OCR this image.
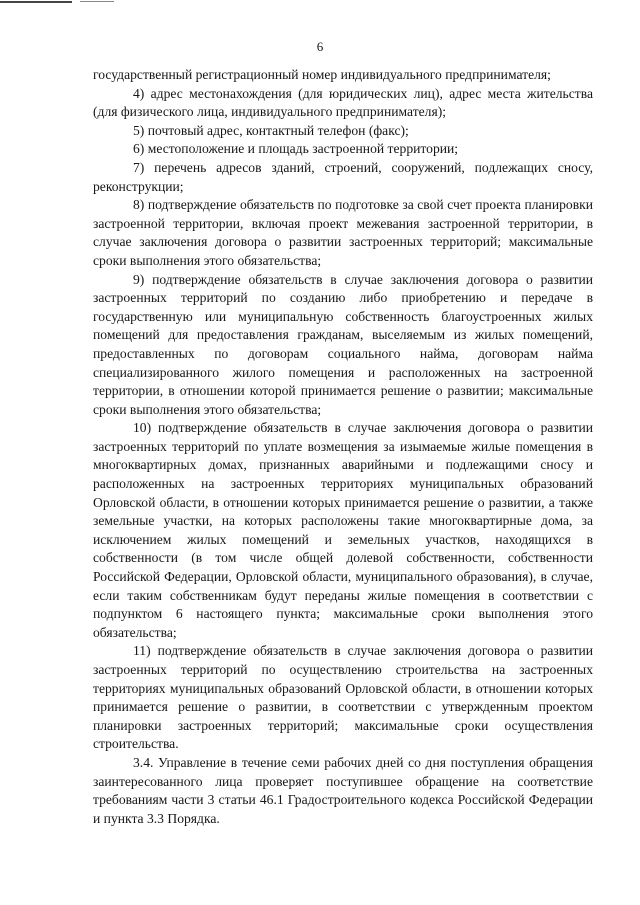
6

государственный регистрационный номер индивидуального предпринимателя;

4) адрес местонахождения (для юридических лиц), адрес места жительства (для физического лица, индивидуального предпринимателя);

5) почтовый адрес, контактный телефон (факс);

6) местоположение и площадь застроенной территории;

7) перечень адресов зданий, строений, сооружений, подлежащих сносу, реконструкции;

8) подтверждение обязательств по подготовке за свой счет проекта планировки застроенной территории, включая проект межевания застроенной территории, в случае заключения договора о развитии застроенных территорий; максимальные сроки выполнения этого обязательства;

9) подтверждение обязательств в случае заключения договора о развитии застроенных территорий по созданию либо приобретению и передаче в государственную или муниципальную собственность благоустроенных жилых помещений для предоставления гражданам, выселяемым из жилых помещений, предоставленных по договорам социального найма, договорам найма специализированного жилого помещения и расположенных на застроенной территории, в отношении которой принимается решение о развитии; максимальные сроки выполнения этого обязательства;

10) подтверждение обязательств в случае заключения договора о развитии застроенных территорий по уплате возмещения за изымаемые жилые помещения в многоквартирных домах, признанных аварийными и подлежащими сносу и расположенных на застроенных территориях муниципальных образований Орловской области, в отношении которых принимается решение о развитии, а также земельные участки, на которых расположены такие многоквартирные дома, за исключением жилых помещений и земельных участков, находящихся в собственности (в том числе общей долевой собственности, собственности Российской Федерации, Орловской области, муниципального образования), в случае, если таким собственникам будут переданы жилые помещения в соответствии с подпунктом 6 настоящего пункта; максимальные сроки выполнения этого обязательства;

11) подтверждение обязательств в случае заключения договора о развитии застроенных территорий по осуществлению строительства на застроенных территориях муниципальных образований Орловской области, в отношении которых принимается решение о развитии, в соответствии с утвержденным проектом планировки застроенных территорий; максимальные сроки осуществления строительства.

3.4. Управление в течение семи рабочих дней со дня поступления обращения заинтересованного лица проверяет поступившее обращение на соответствие требованиям части 3 статьи 46.1 Градостроительного кодекса Российской Федерации и пункта 3.3 Порядка.
